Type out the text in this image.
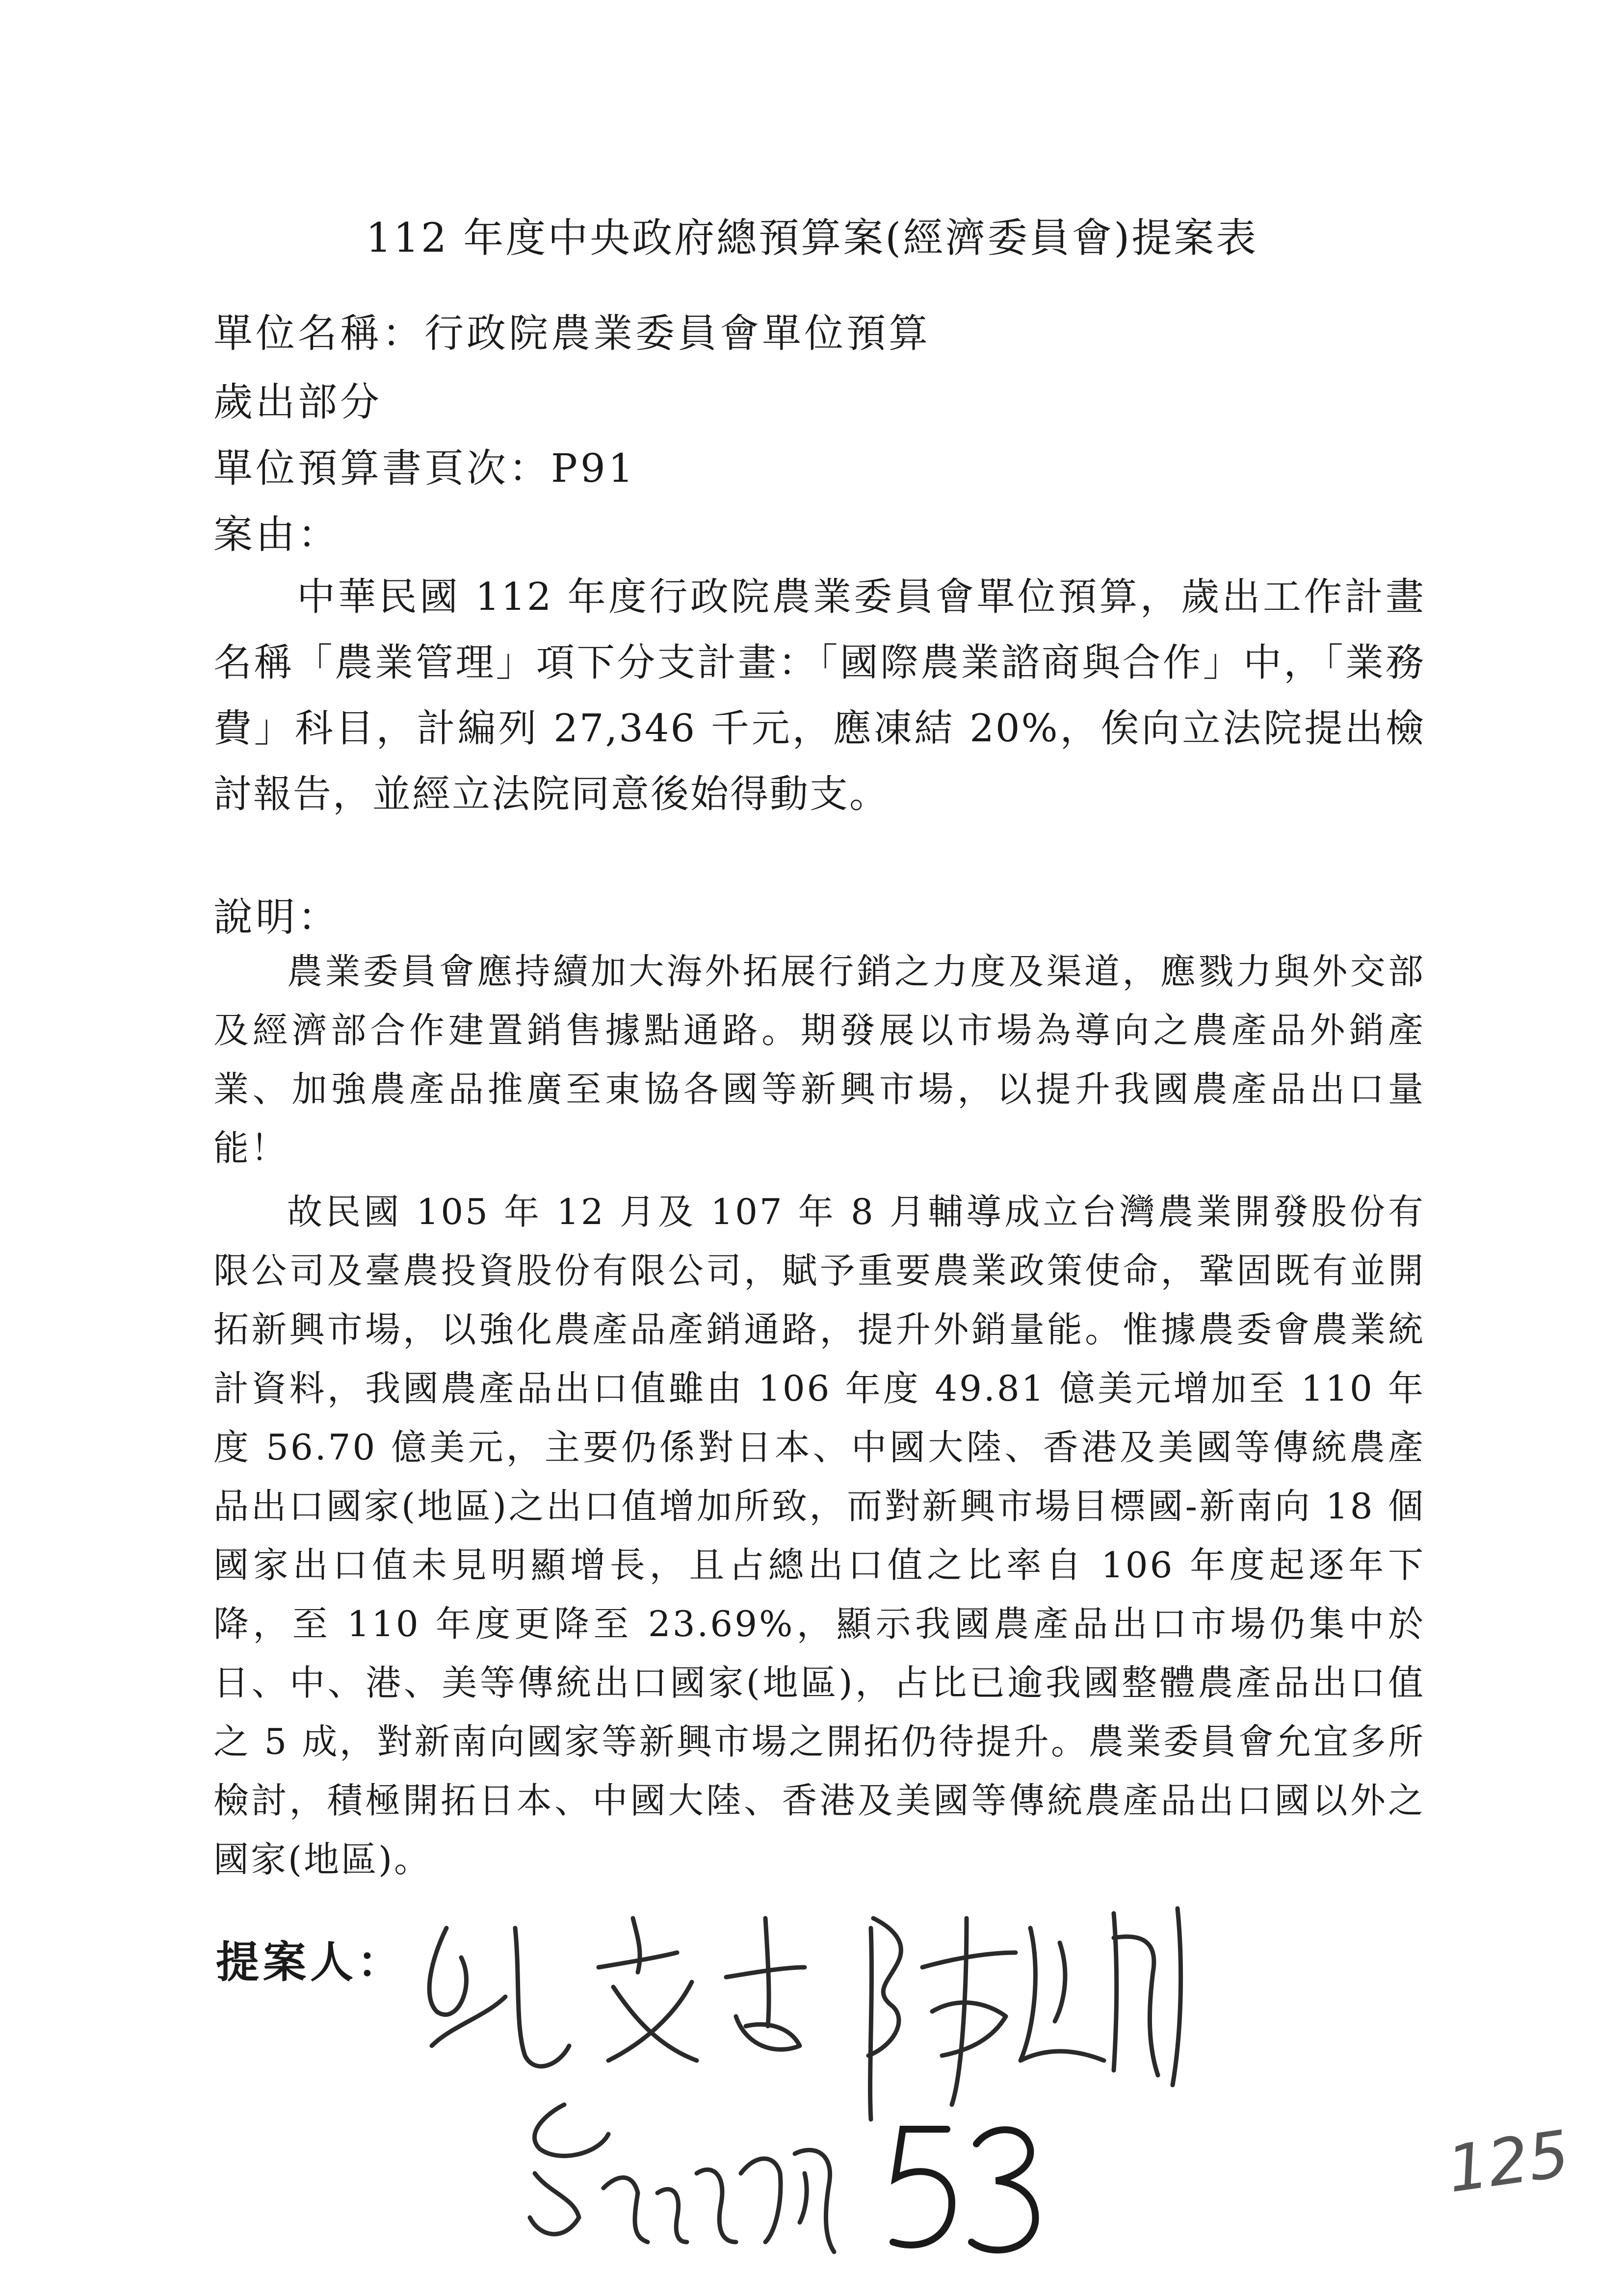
112 年度中央政府總預算案(經濟委員會)提案表
單位名稱：行政院農業委員會單位預算
歲出部分
單位預算書頁次：P91
案由：
中華民國 112 年度行政院農業委員會單位預算，歲出工作計畫名稱「農業管理」項下分支計畫：「國際農業諮商與合作」中，「業務費」科目，計編列 27,346 千元，應凍結 20%，俟向立法院提出檢討報告，並經立法院同意後始得動支。
說明：
農業委員會應持續加大海外拓展行銷之力度及渠道，應戮力與外交部及經濟部合作建置銷售據點通路。期發展以市場為導向之農產品外銷產業、加強農產品推廣至東協各國等新興市場，以提升我國農產品出口量能！
故民國 105 年 12 月及 107 年 8 月輔導成立台灣農業開發股份有限公司及臺農投資股份有限公司，賦予重要農業政策使命，鞏固既有並開拓新興市場，以強化農產品產銷通路，提升外銷量能。惟據農委會農業統計資料，我國農產品出口值雖由 106 年度 49.81 億美元增加至 110 年度 56.70 億美元，主要仍係對日本、中國大陸、香港及美國等傳統農產品出口國家(地區)之出口值增加所致，而對新興市場目標國-新南向 18 個國家出口值未見明顯增長，且占總出口值之比率自 106 年度起逐年下降，至 110 年度更降至 23.69%，顯示我國農產品出口市場仍集中於日、中、港、美等傳統出口國家(地區)，占比已逾我國整體農產品出口值之 5 成，對新南向國家等新興市場之開拓仍待提升。農業委員會允宜多所檢討，積極開拓日本、中國大陸、香港及美國等傳統農產品出口國以外之國家(地區)。
提案人：
125
